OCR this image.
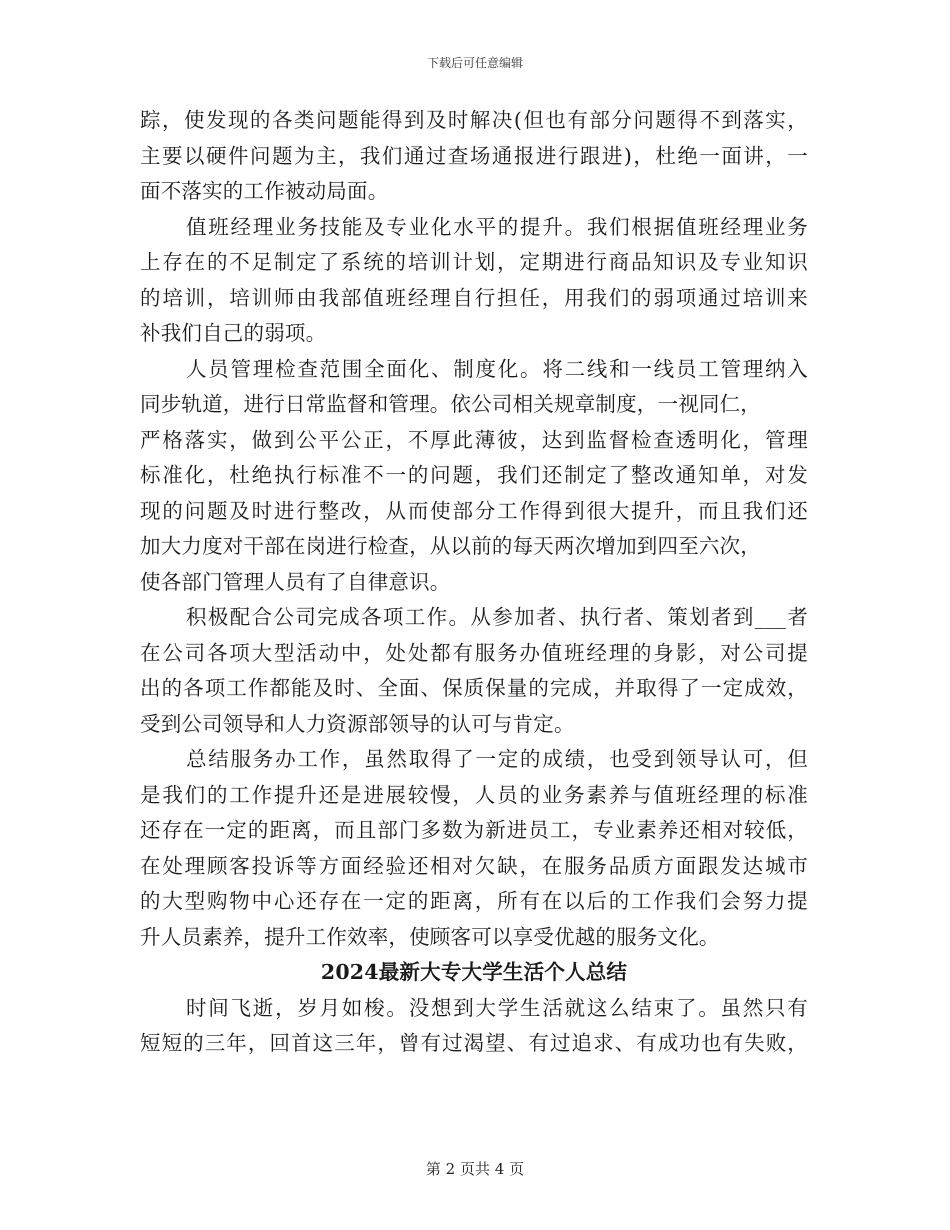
下载后可任意编辑
踪，使发现的各类问题能得到及时解决(但也有部分问题得不到落实，
主要以硬件问题为主，我们通过查场通报进行跟进)，杜绝一面讲，一
面不落实的工作被动局面。
值班经理业务技能及专业化水平的提升。我们根据值班经理业务
上存在的不足制定了系统的培训计划，定期进行商品知识及专业知识
的培训，培训师由我部值班经理自行担任，用我们的弱项通过培训来
补我们自己的弱项。
人员管理检查范围全面化、制度化。将二线和一线员工管理纳入
同步轨道，进行日常监督和管理。依公司相关规章制度，一视同仁，
严格落实，做到公平公正，不厚此薄彼，达到监督检查透明化，管理
标准化，杜绝执行标准不一的问题，我们还制定了整改通知单，对发
现的问题及时进行整改，从而使部分工作得到很大提升，而且我们还
加大力度对干部在岗进行检查，从以前的每天两次增加到四至六次，
使各部门管理人员有了自律意识。
积极配合公司完成各项工作。从参加者、执行者、策划者到___者
在公司各项大型活动中，处处都有服务办值班经理的身影，对公司提
出的各项工作都能及时、全面、保质保量的完成，并取得了一定成效，
受到公司领导和人力资源部领导的认可与肯定。
总结服务办工作，虽然取得了一定的成绩，也受到领导认可，但
是我们的工作提升还是进展较慢，人员的业务素养与值班经理的标准
还存在一定的距离，而且部门多数为新进员工，专业素养还相对较低，
在处理顾客投诉等方面经验还相对欠缺，在服务品质方面跟发达城市
的大型购物中心还存在一定的距离，所有在以后的工作我们会努力提
升人员素养，提升工作效率，使顾客可以享受优越的服务文化。
2024最新大专大学生活个人总结
时间飞逝，岁月如梭。没想到大学生活就这么结束了。虽然只有
短短的三年，回首这三年，曾有过渴望、有过追求、有成功也有失败，
第 2 页共 4 页
